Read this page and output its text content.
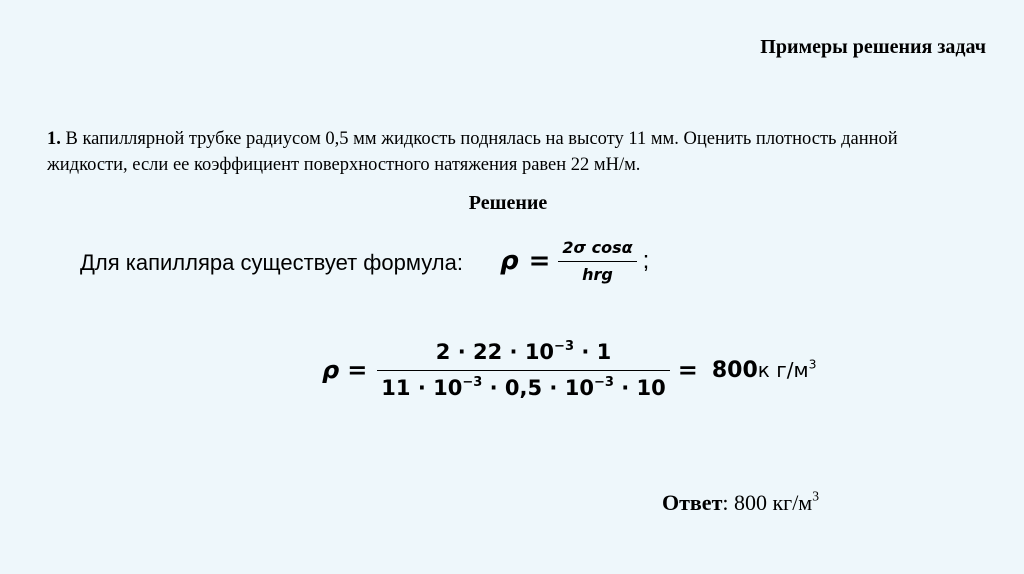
Примеры решения задач
1. В капиллярной трубке радиусом 0,5 мм жидкость поднялась на высоту 11 мм. Оценить плотность данной жидкости, если ее коэффициент поверхностного натяжения равен 22 мН/м.
Решение
Для капилляра существует формула: $\rho = \frac{\text{2σ cosα}}{\text{hrg}}$ ;
$\rho = \frac{2 \cdot 22 \cdot 10^{-3} \cdot 1}{11 \cdot 10^{-3} \cdot 0,5 \cdot 10^{-3} \cdot 10} = 800$ к $г/м^3$
Ответ: 800 $кг/м^3$
